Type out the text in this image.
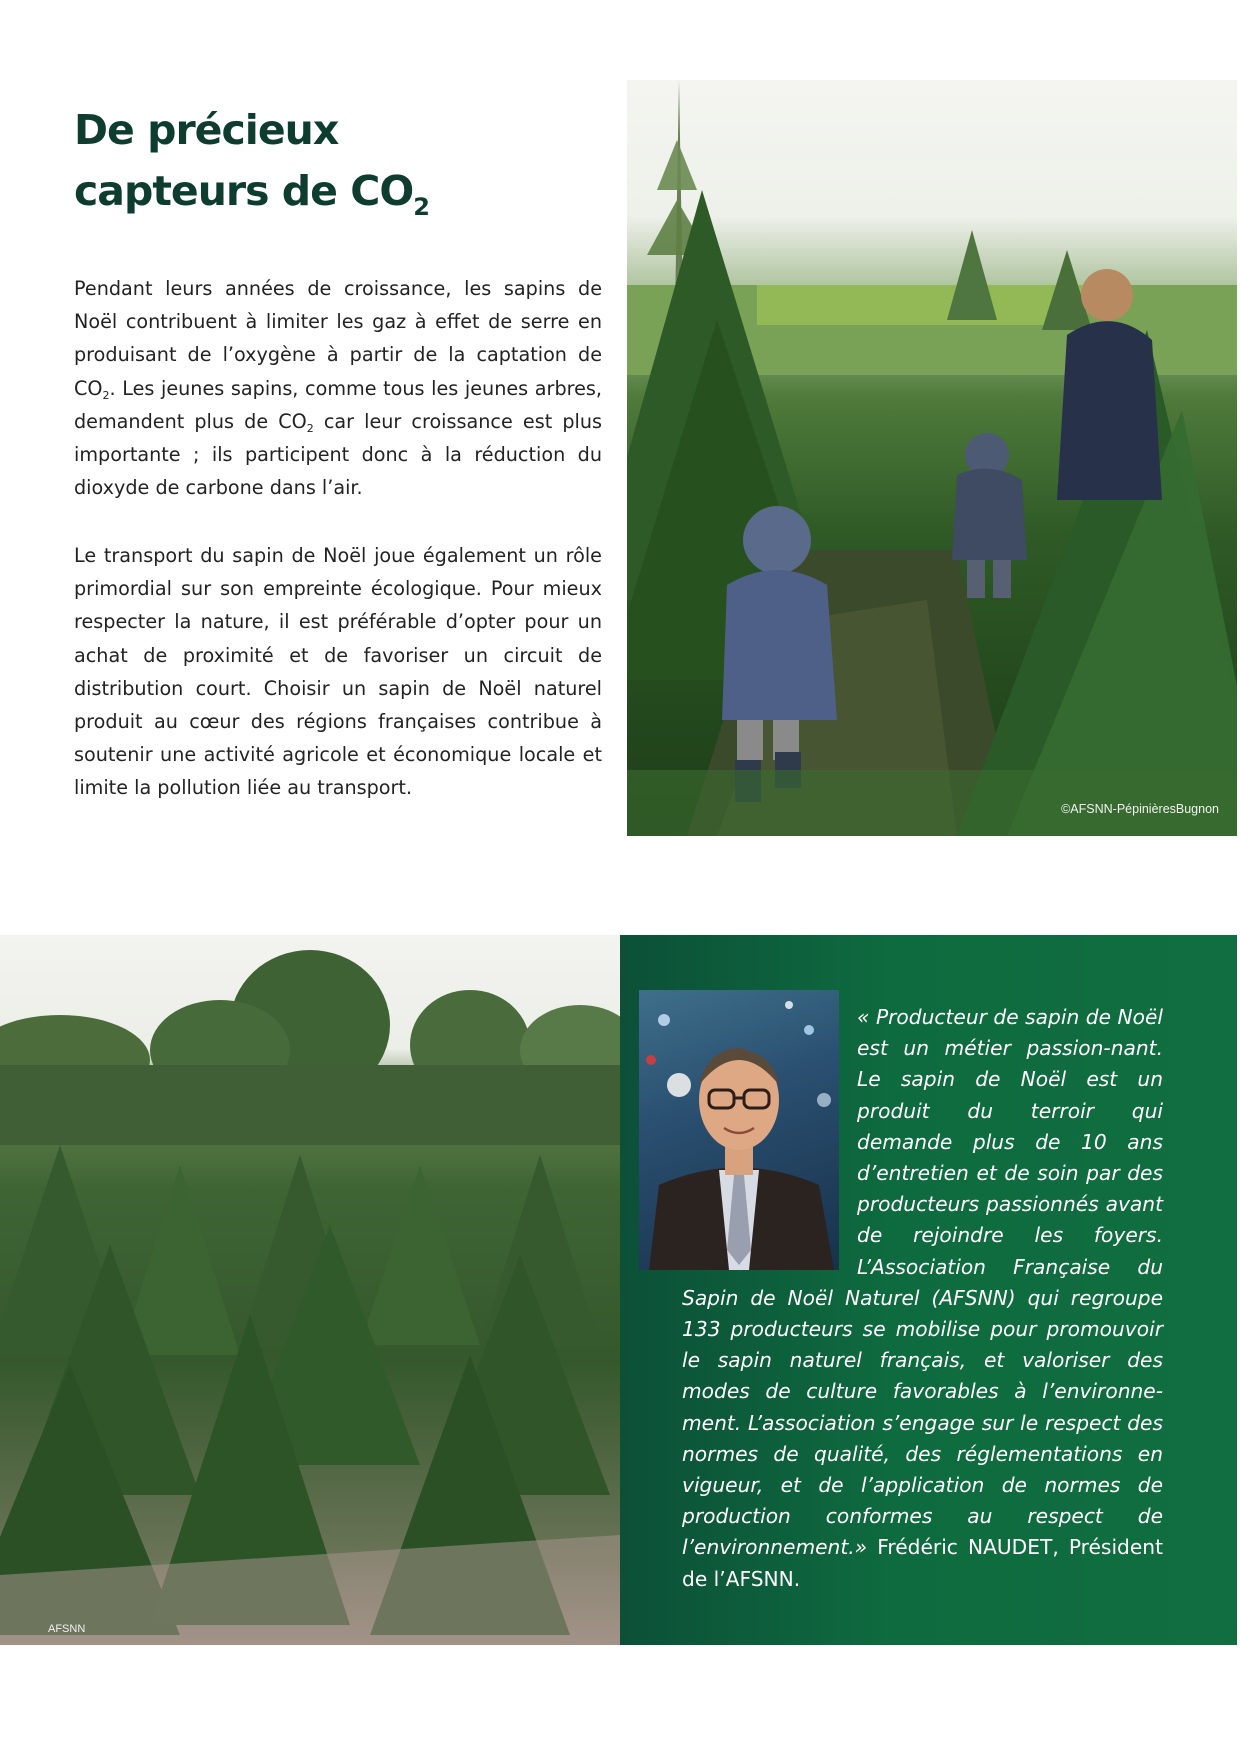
De précieux
capteurs de $CO_2$

Pendant leurs années de croissance, les sapins de Noël contribuent à limiter les gaz à effet de serre en produisant de l’oxygène à partir de la captation de $CO_2$. Les jeunes sapins, comme tous les jeunes arbres, demandent plus de $CO_2$ car leur croissance est plus importante ; ils participent donc à la réduction du dioxyde de carbone dans l’air.

Le transport du sapin de Noël joue également un rôle primordial sur son empreinte écologique. Pour mieux respecter la nature, il est préférable d’opter pour un achat de proximité et de favoriser un circuit de distribution court. Choisir un sapin de Noël naturel produit au cœur des régions françaises contribue à soutenir une activité agricole et économique locale et limite la pollution liée au transport.

©AFSNN-PépinièresBugnon
AFSNN

« Producteur de sapin de Noël est un métier passion-nant. Le sapin de Noël est un produit du terroir qui demande plus de 10 ans d’entretien et de soin par des producteurs passionnés avant de rejoindre les foyers. L’Association Française du Sapin de Noël Naturel (AFSNN) qui regroupe 133 producteurs se mobilise pour promouvoir le sapin naturel français, et valoriser des modes de culture favorables à l’environne-ment. L’association s’engage sur le respect des normes de qualité, des réglementations en vigueur, et de l’application de normes de production conformes au respect de l’environnement.» Frédéric NAUDET, Président de l’AFSNN.
